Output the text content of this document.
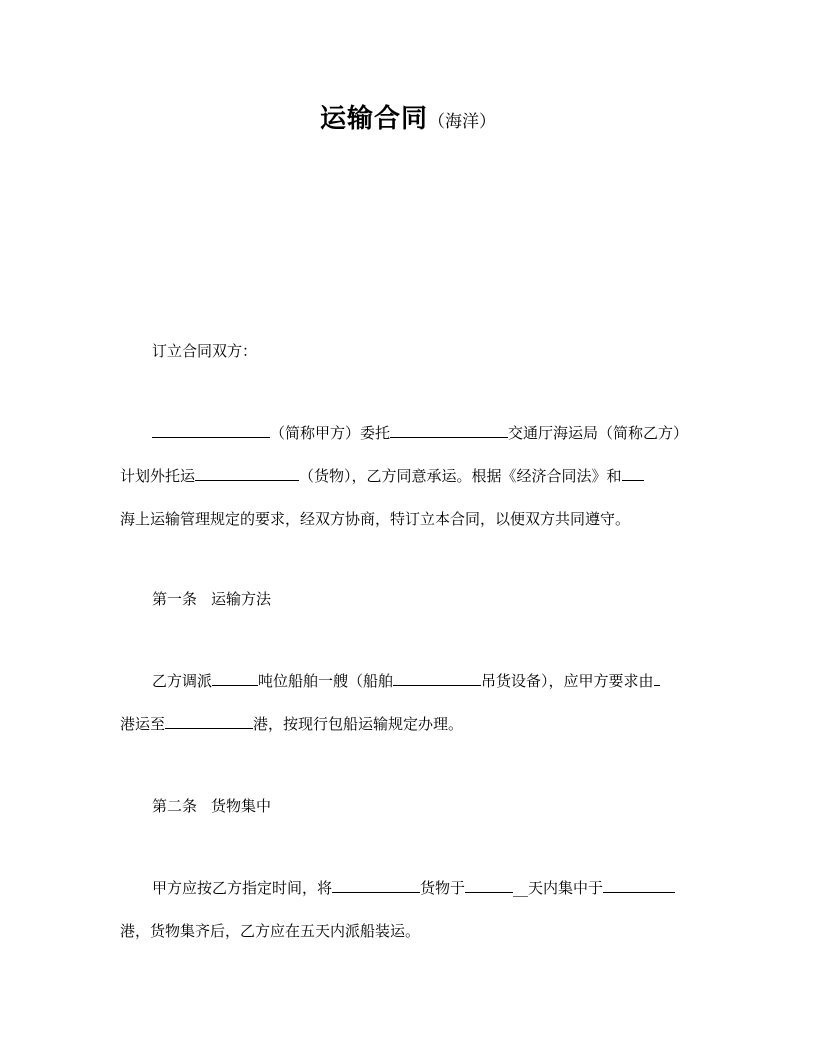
运输合同（海洋）
订立合同双方：
（简称甲方）委托	交通厅海运局（简称乙方）
计划外托运	（货物），乙方同意承运。根据《经济合同法》和
海上运输管理规定的要求，经双方协商，特订立本合同，以便双方共同遵守。
第一条 运输方法
乙方调派	吨位船舶一艘（船舶	吊货设备），应甲方要求由
港运至	港，按现行包船运输规定办理。
第二条 货物集中
甲方应按乙方指定时间，将	货物于	__天内集中于
港，货物集齐后，乙方应在五天内派船装运。
